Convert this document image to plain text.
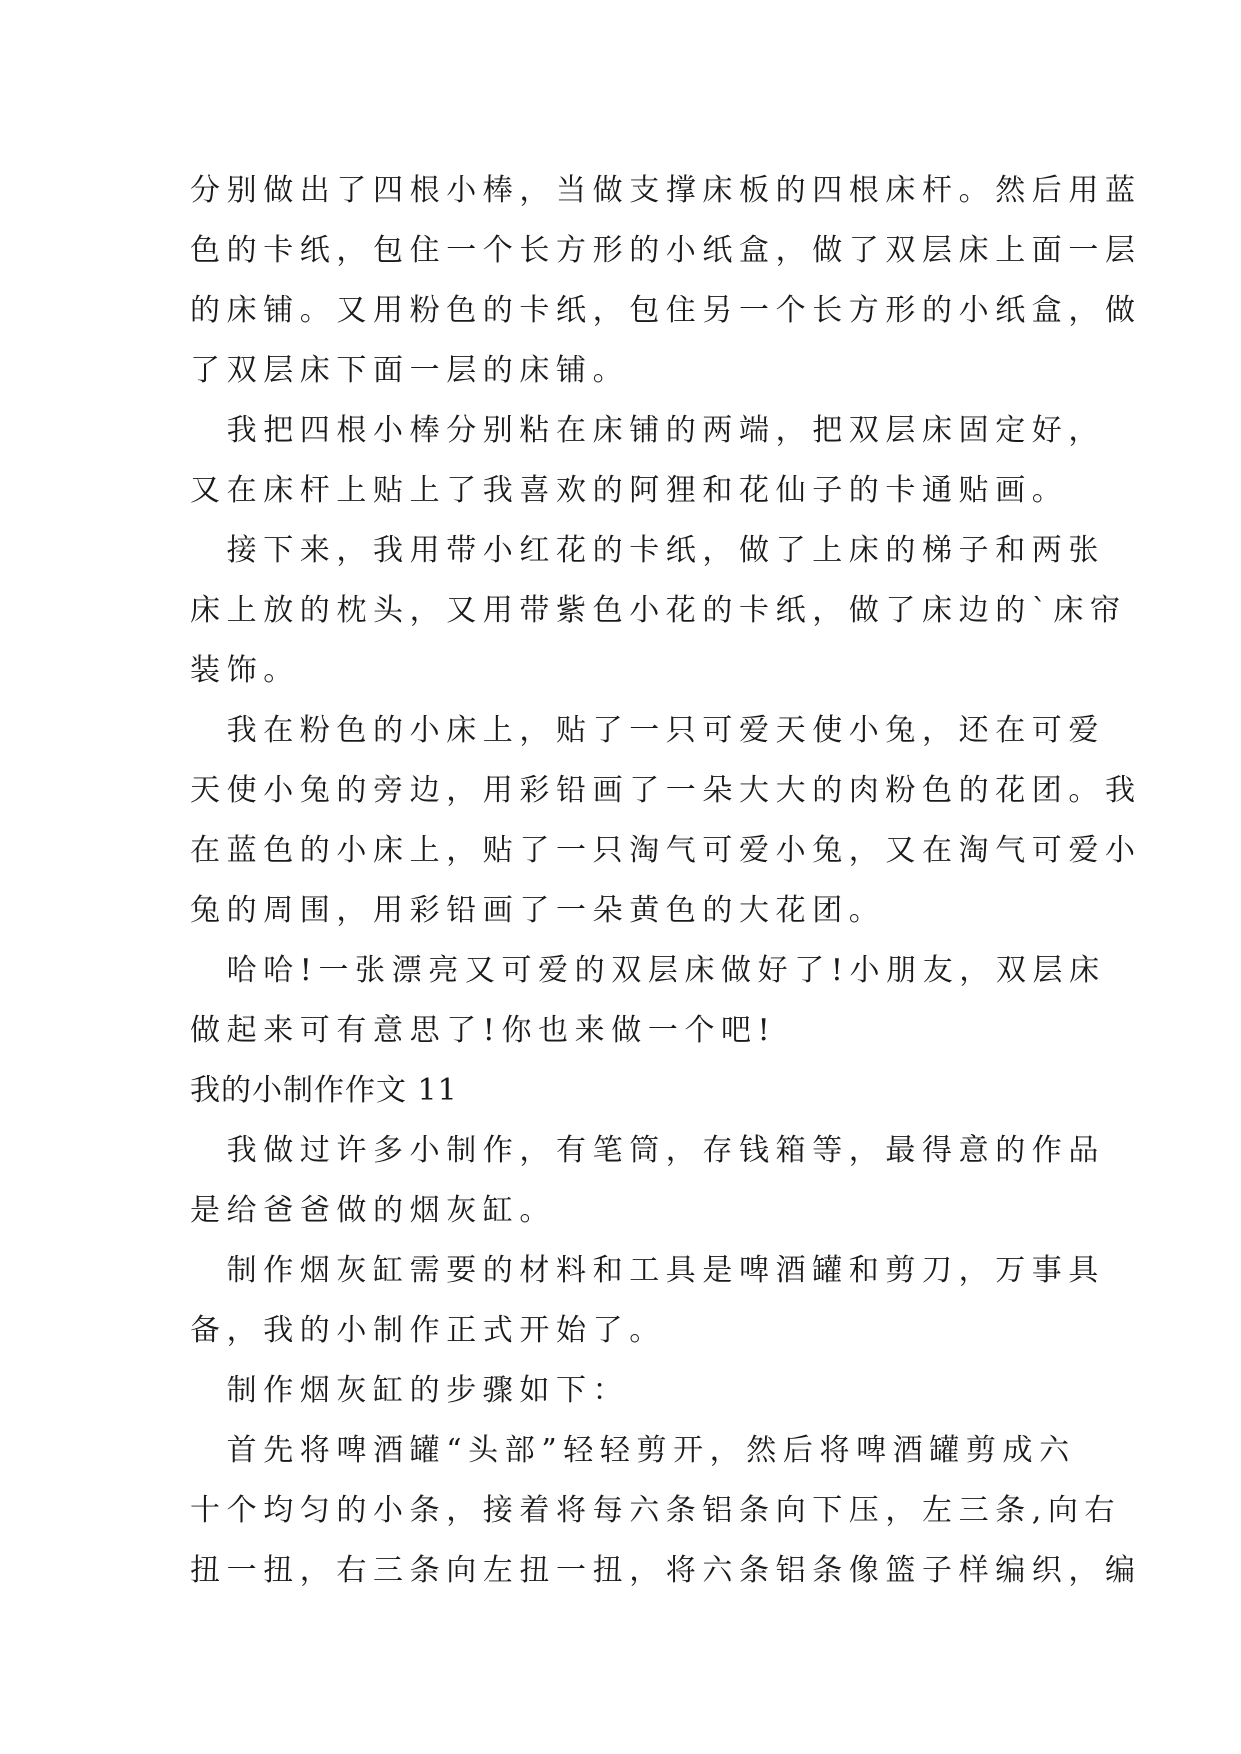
分别做出了四根小棒，当做支撑床板的四根床杆。然后用蓝
色的卡纸，包住一个长方形的小纸盒，做了双层床上面一层
的床铺。又用粉色的卡纸，包住另一个长方形的小纸盒，做
了双层床下面一层的床铺。
　我把四根小棒分别粘在床铺的两端，把双层床固定好，
又在床杆上贴上了我喜欢的阿狸和花仙子的卡通贴画。
　接下来，我用带小红花的卡纸，做了上床的梯子和两张
床上放的枕头，又用带紫色小花的卡纸，做了床边的`床帘
装饰。
　我在粉色的小床上，贴了一只可爱天使小兔，还在可爱
天使小兔的旁边，用彩铅画了一朵大大的肉粉色的花团。我
在蓝色的小床上，贴了一只淘气可爱小兔，又在淘气可爱小
兔的周围，用彩铅画了一朵黄色的大花团。
　哈哈!一张漂亮又可爱的双层床做好了!小朋友，双层床
做起来可有意思了!你也来做一个吧!
我的小制作作文 11
　我做过许多小制作，有笔筒，存钱箱等，最得意的作品
是给爸爸做的烟灰缸。
　制作烟灰缸需要的材料和工具是啤酒罐和剪刀，万事具
备，我的小制作正式开始了。
　制作烟灰缸的步骤如下：
　首先将啤酒罐“头部”轻轻剪开，然后将啤酒罐剪成六
十个均匀的小条，接着将每六条铝条向下压，左三条,向右
扭一扭，右三条向左扭一扭，将六条铝条像篮子样编织，编
